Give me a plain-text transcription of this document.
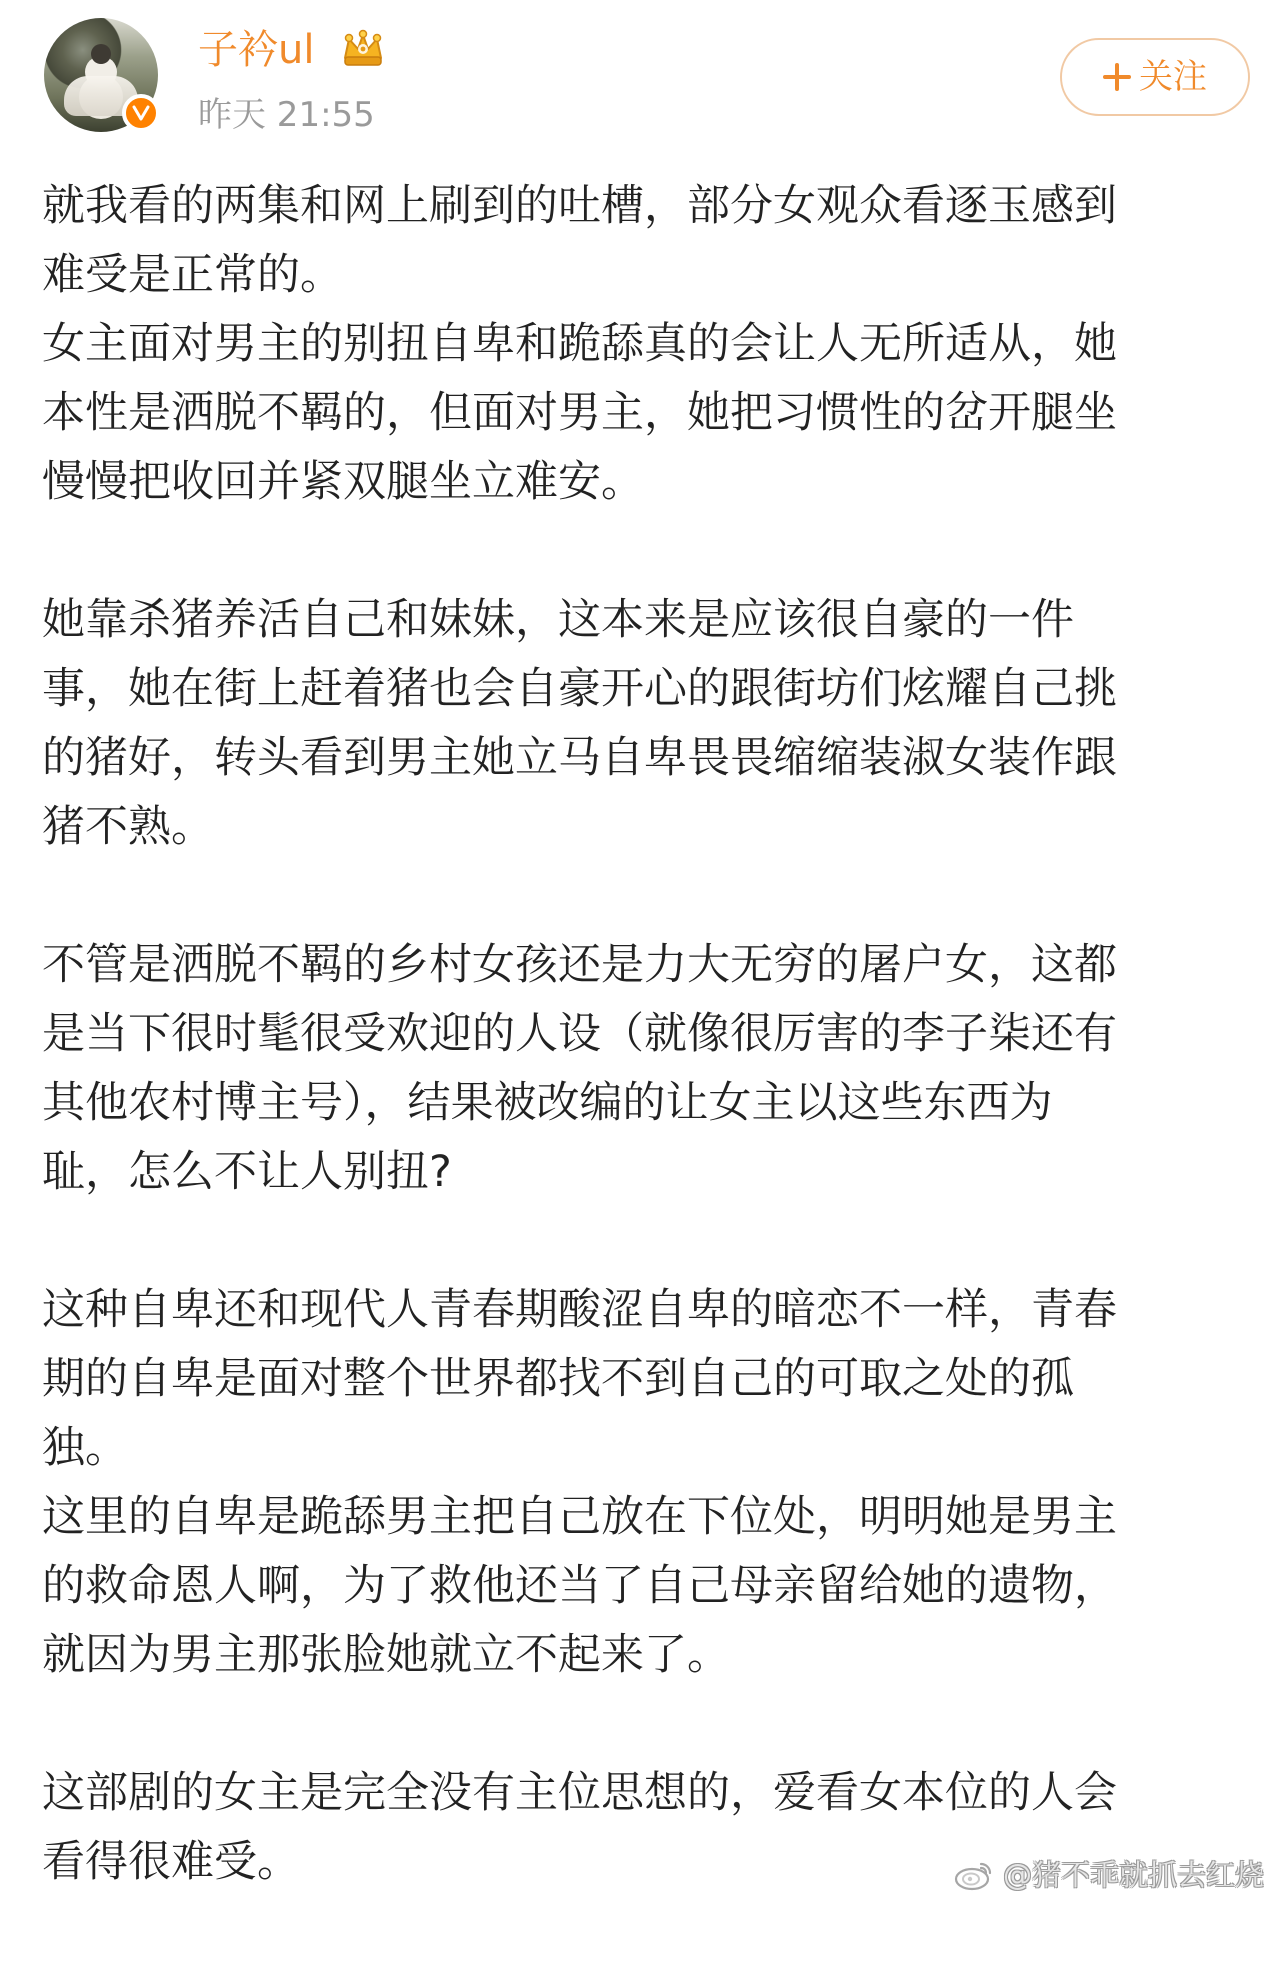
子衿ul
昨天 21:55
关注
就我看的两集和网上刷到的吐槽，部分女观众看逐玉感到
难受是正常的。
女主面对男主的别扭自卑和跪舔真的会让人无所适从，她
本性是洒脱不羁的，但面对男主，她把习惯性的岔开腿坐
慢慢把收回并紧双腿坐立难安。
她靠杀猪养活自己和妹妹，这本来是应该很自豪的一件
事，她在街上赶着猪也会自豪开心的跟街坊们炫耀自己挑
的猪好，转头看到男主她立马自卑畏畏缩缩装淑女装作跟
猪不熟。
不管是洒脱不羁的乡村女孩还是力大无穷的屠户女，这都
是当下很时髦很受欢迎的人设（就像很厉害的李子柒还有
其他农村博主号），结果被改编的让女主以这些东西为
耻，怎么不让人别扭?
这种自卑还和现代人青春期酸涩自卑的暗恋不一样，青春
期的自卑是面对整个世界都找不到自己的可取之处的孤
独。
这里的自卑是跪舔男主把自己放在下位处，明明她是男主
的救命恩人啊，为了救他还当了自己母亲留给她的遗物，
就因为男主那张脸她就立不起来了。
这部剧的女主是完全没有主位思想的，爱看女本位的人会
看得很难受。	@猪不乖就抓去红烧
